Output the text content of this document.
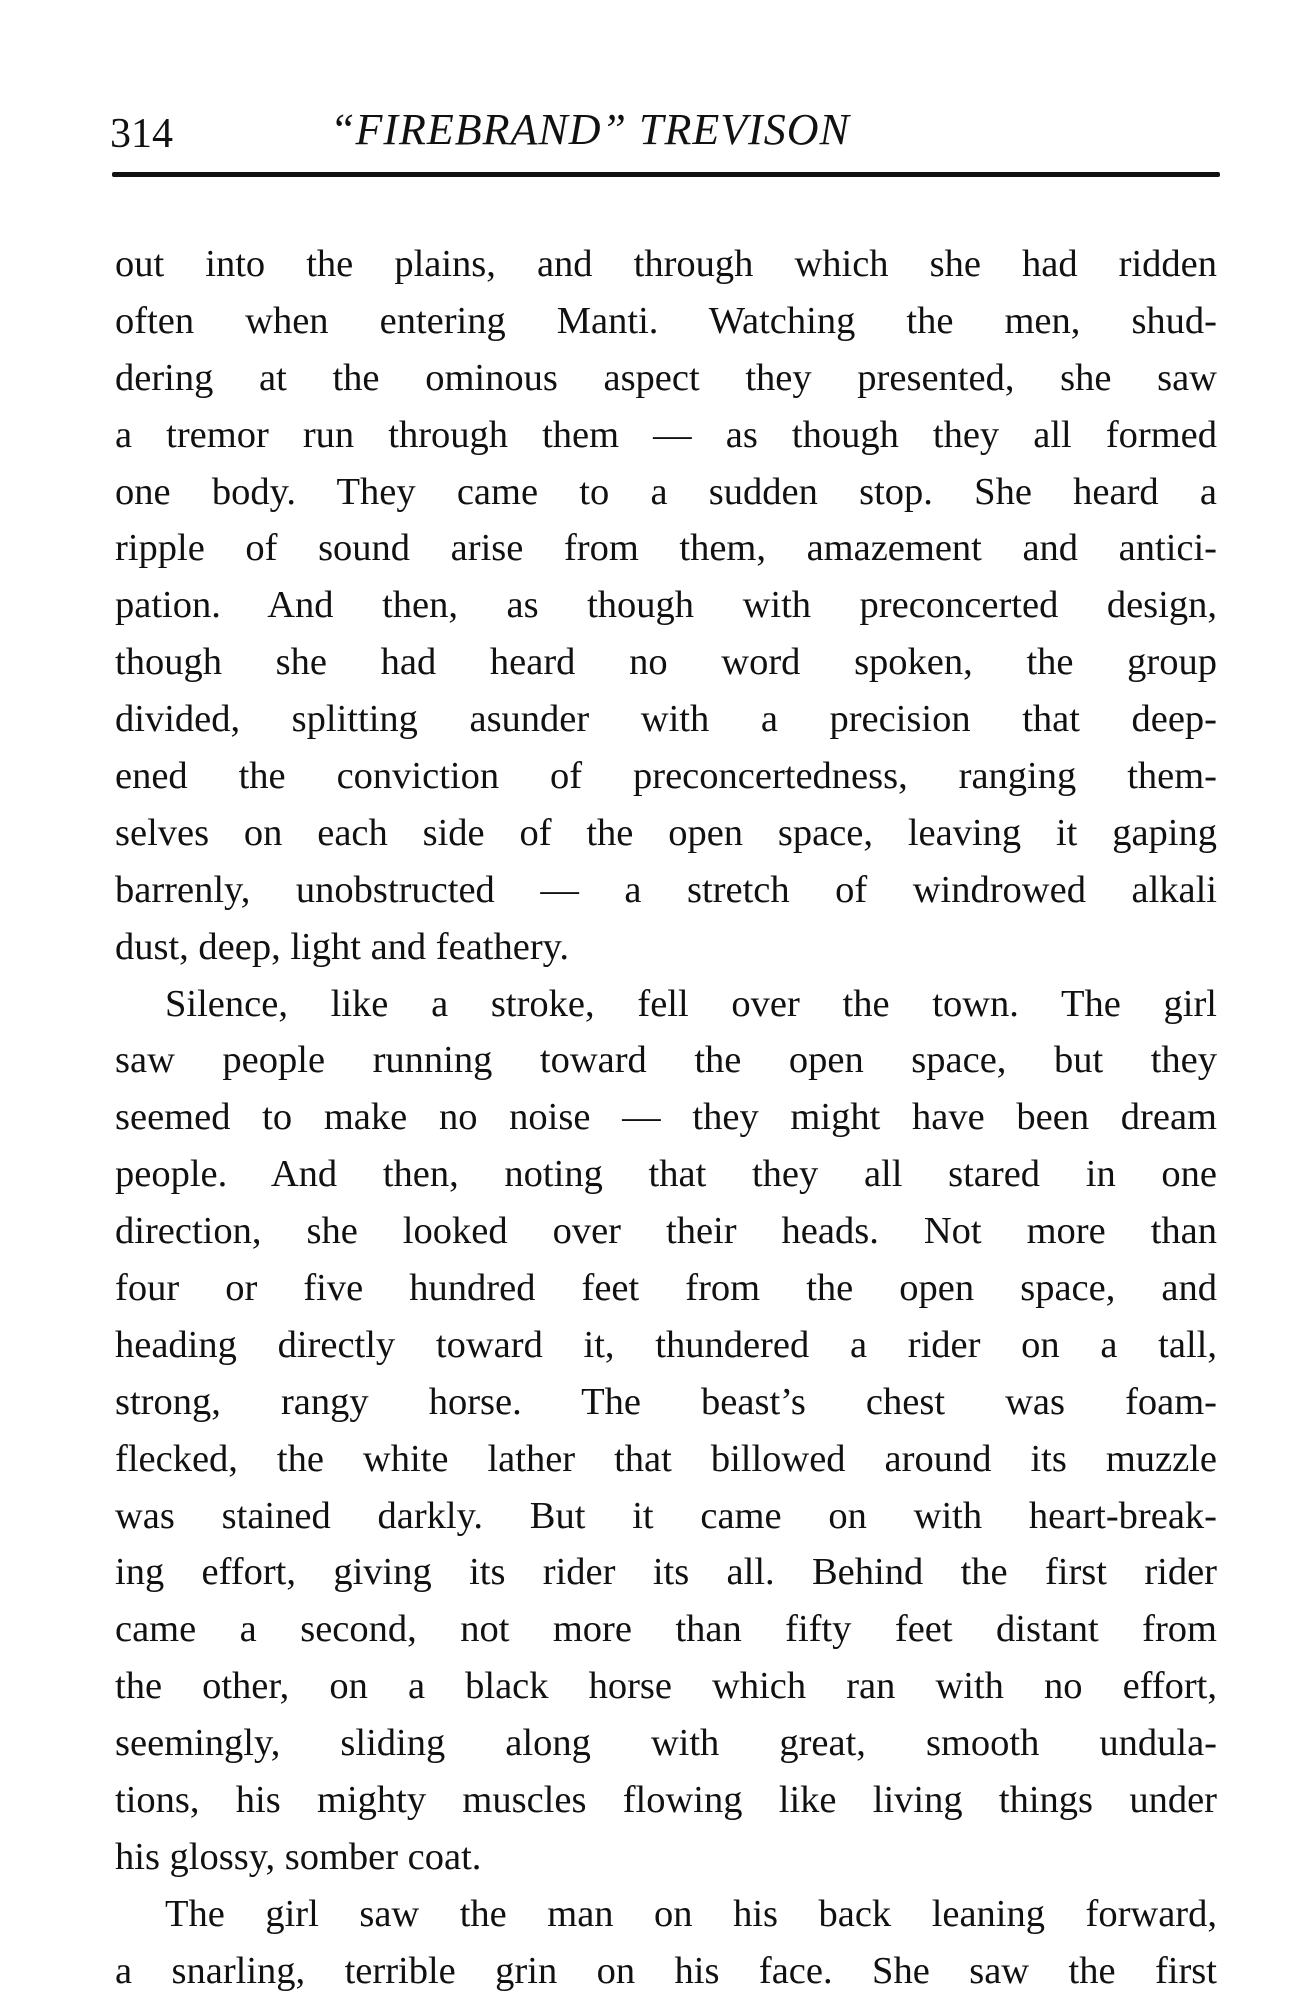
314	“FIREBRAND” TREVISON
out into the plains, and through which she had ridden
often when entering Manti. Watching the men, shud-
dering at the ominous aspect they presented, she saw
a tremor run through them — as though they all formed
one body. They came to a sudden stop. She heard a
ripple of sound arise from them, amazement and antici-
pation. And then, as though with preconcerted design,
though she had heard no word spoken, the group
divided, splitting asunder with a precision that deep-
ened the conviction of preconcertedness, ranging them-
selves on each side of the open space, leaving it gaping
barrenly, unobstructed — a stretch of windrowed alkali
dust, deep, light and feathery.
Silence, like a stroke, fell over the town. The girl
saw people running toward the open space, but they
seemed to make no noise — they might have been dream
people. And then, noting that they all stared in one
direction, she looked over their heads. Not more than
four or five hundred feet from the open space, and
heading directly toward it, thundered a rider on a tall,
strong, rangy horse. The beast’s chest was foam-
flecked, the white lather that billowed around its muzzle
was stained darkly. But it came on with heart-break-
ing effort, giving its rider its all. Behind the first rider
came a second, not more than fifty feet distant from
the other, on a black horse which ran with no effort,
seemingly, sliding along with great, smooth undula-
tions, his mighty muscles flowing like living things under
his glossy, somber coat.
The girl saw the man on his back leaning forward,
a snarling, terrible grin on his face. She saw the first
